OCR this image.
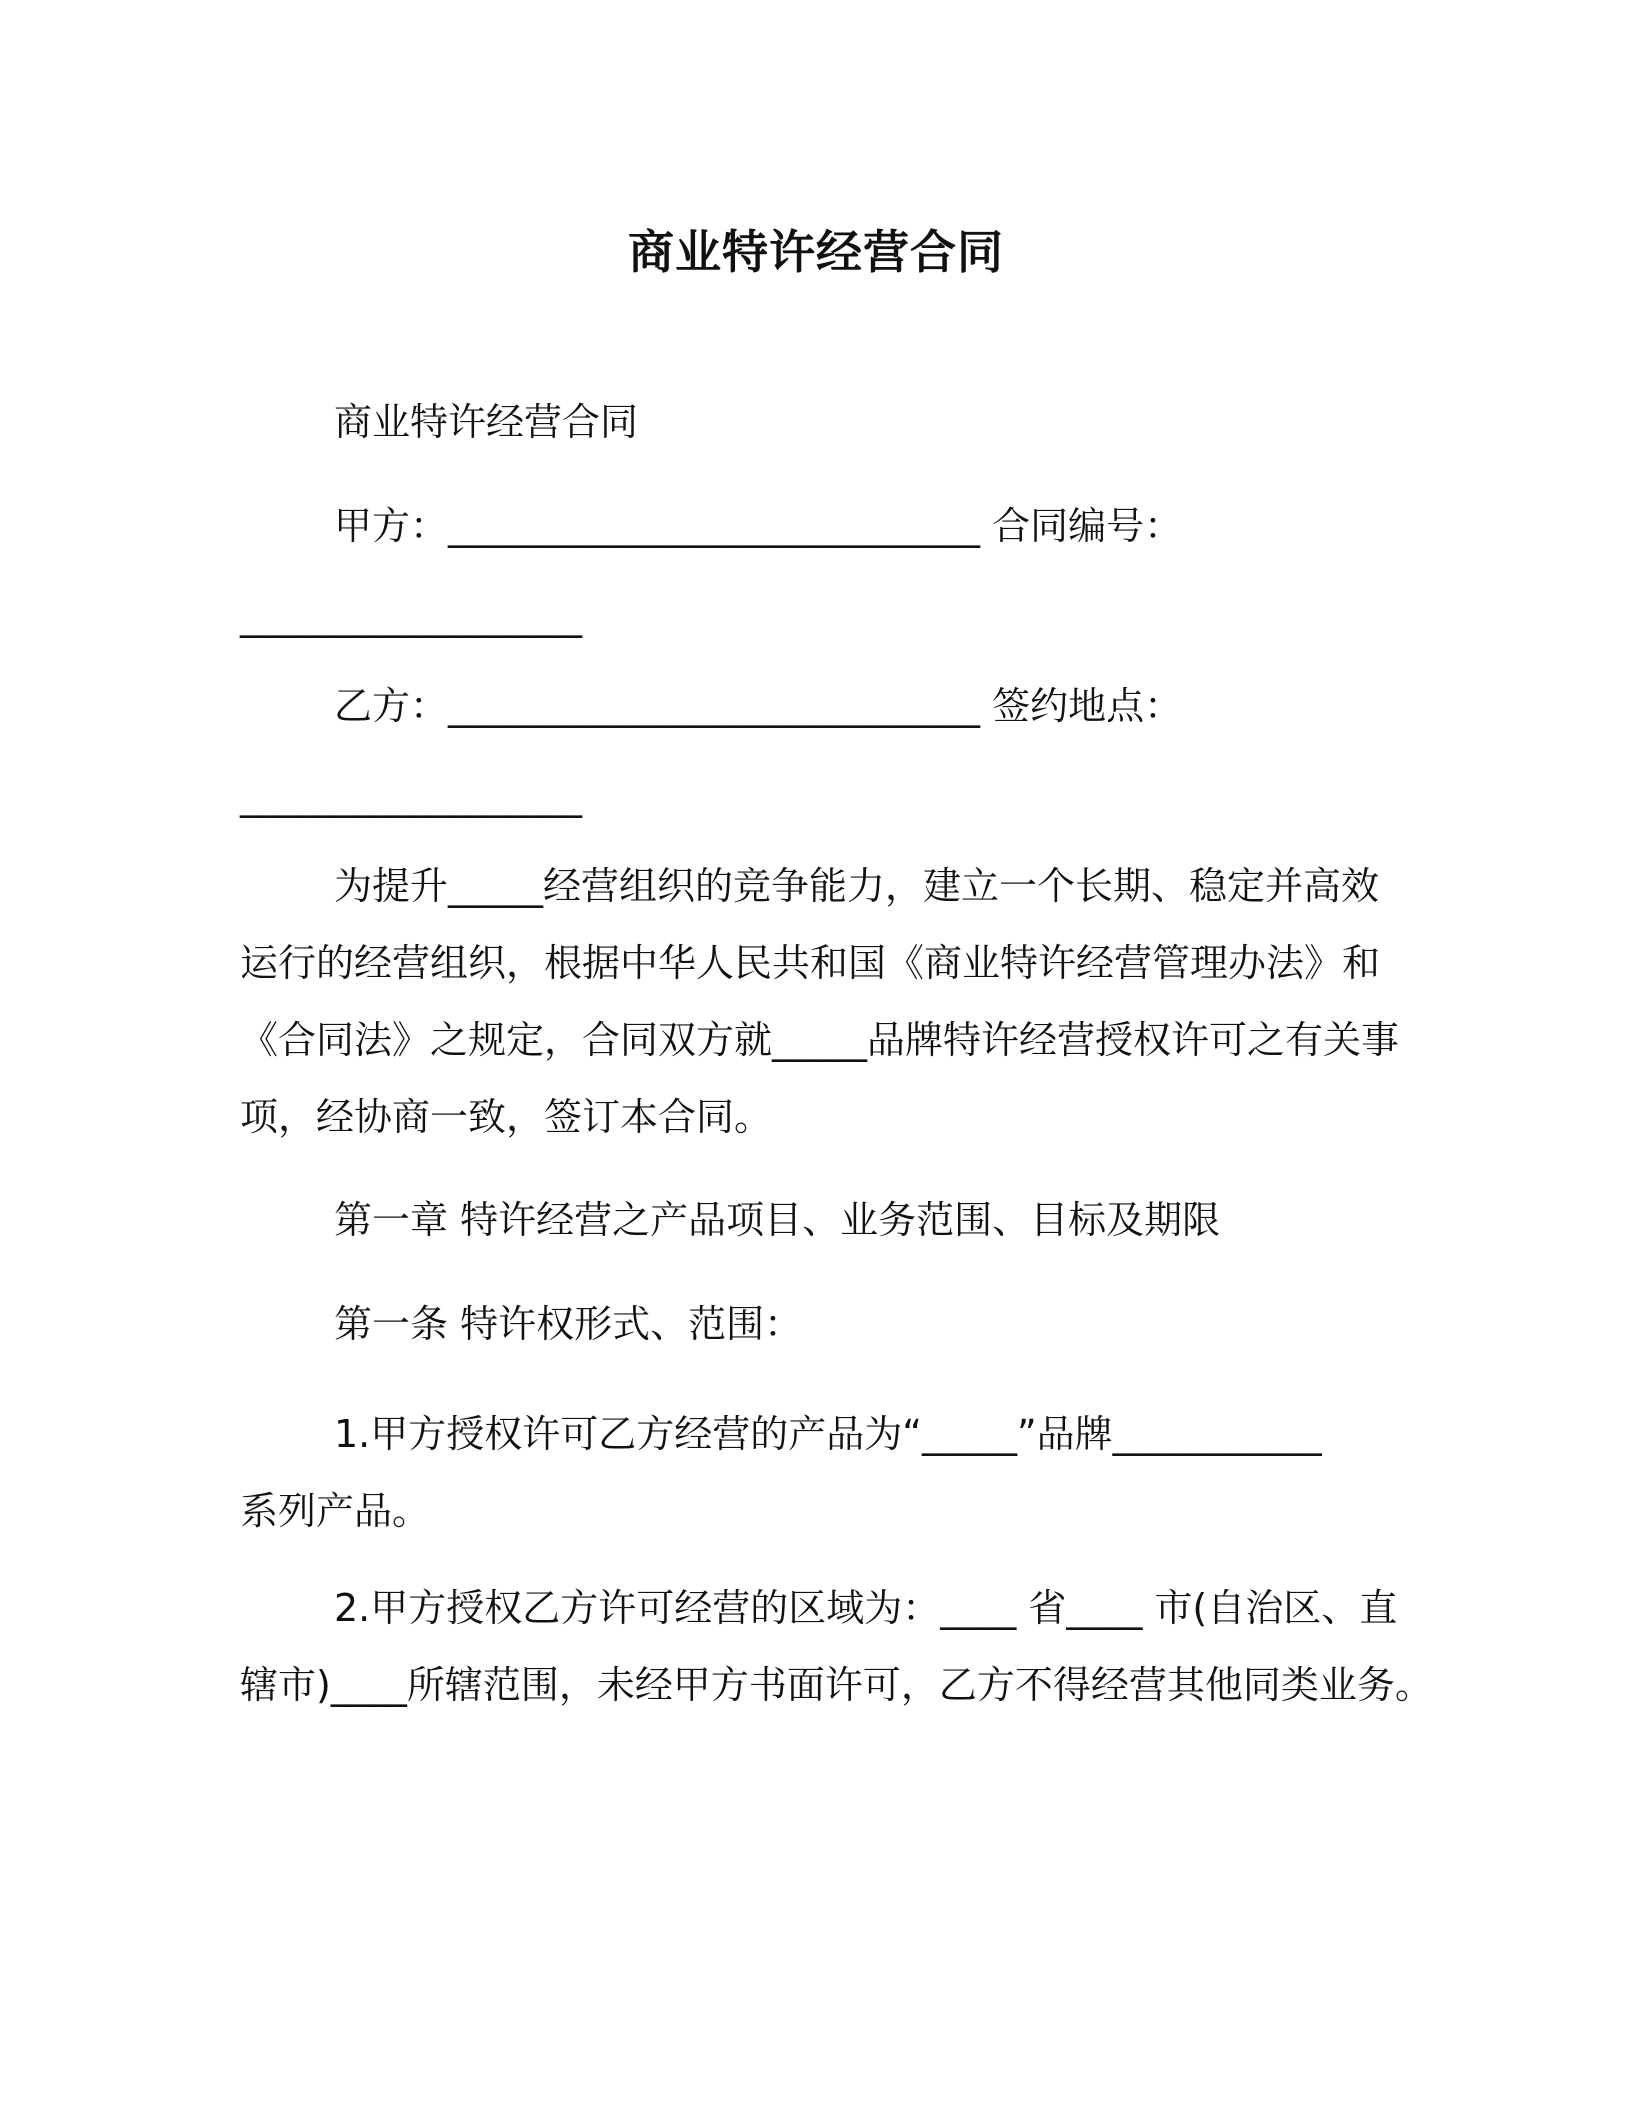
商业特许经营合同
商业特许经营合同
甲方：____________________________ 合同编号：
__________________
乙方：____________________________ 签约地点：
__________________
为提升_____经营组织的竞争能力，建立一个长期、稳定并高效
运行的经营组织，根据中华人民共和国《商业特许经营管理办法》和
《合同法》之规定，合同双方就_____品牌特许经营授权许可之有关事
项，经协商一致，签订本合同。
第一章 特许经营之产品项目、业务范围、目标及期限
第一条 特许权形式、范围：
1.甲方授权许可乙方经营的产品为“_____”品牌___________
系列产品。
2.甲方授权乙方许可经营的区域为：____ 省____ 市(自治区、直
辖市)____所辖范围，未经甲方书面许可，乙方不得经营其他同类业务。
